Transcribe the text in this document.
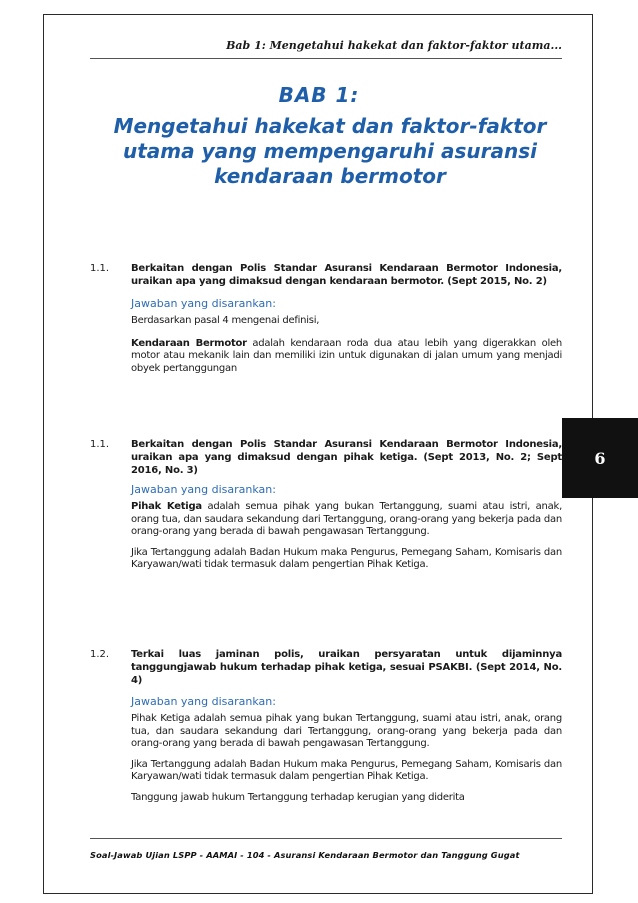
Bab 1: Mengetahui hakekat dan faktor-faktor utama...
BAB 1:
Mengetahui hakekat dan faktor-faktor utama yang mempengaruhi asuransi kendaraan bermotor
6
1.1. Berkaitan dengan Polis Standar Asuransi Kendaraan Bermotor Indonesia, uraikan apa yang dimaksud dengan kendaraan bermotor. (Sept 2015, No. 2)
Jawaban yang disarankan:
Berdasarkan pasal 4 mengenai definisi,
Kendaraan Bermotor adalah kendaraan roda dua atau lebih yang digerakkan oleh motor atau mekanik lain dan memiliki izin untuk digunakan di jalan umum yang menjadi obyek pertanggungan
1.1. Berkaitan dengan Polis Standar Asuransi Kendaraan Bermotor Indonesia, uraikan apa yang dimaksud dengan pihak ketiga. (Sept 2013, No. 2; Sept 2016, No. 3)
Jawaban yang disarankan:
Pihak Ketiga adalah semua pihak yang bukan Tertanggung, suami atau istri, anak, orang tua, dan saudara sekandung dari Tertanggung, orang-orang yang bekerja pada dan orang-orang yang berada di bawah pengawasan Tertanggung.
Jika Tertanggung adalah Badan Hukum maka Pengurus, Pemegang Saham, Komisaris dan Karyawan/wati tidak termasuk dalam pengertian Pihak Ketiga.
1.2. Terkai luas jaminan polis, uraikan persyaratan untuk dijaminnya tanggungjawab hukum terhadap pihak ketiga, sesuai PSAKBI. (Sept 2014, No. 4)
Jawaban yang disarankan:
Pihak Ketiga adalah semua pihak yang bukan Tertanggung, suami atau istri, anak, orang tua, dan saudara sekandung dari Tertanggung, orang-orang yang bekerja pada dan orang-orang yang berada di bawah pengawasan Tertanggung.
Jika Tertanggung adalah Badan Hukum maka Pengurus, Pemegang Saham, Komisaris dan Karyawan/wati tidak termasuk dalam pengertian Pihak Ketiga.
Tanggung jawab hukum Tertanggung terhadap kerugian yang diderita
Soal-Jawab Ujian LSPP - AAMAI - 104 - Asuransi Kendaraan Bermotor dan Tanggung Gugat
